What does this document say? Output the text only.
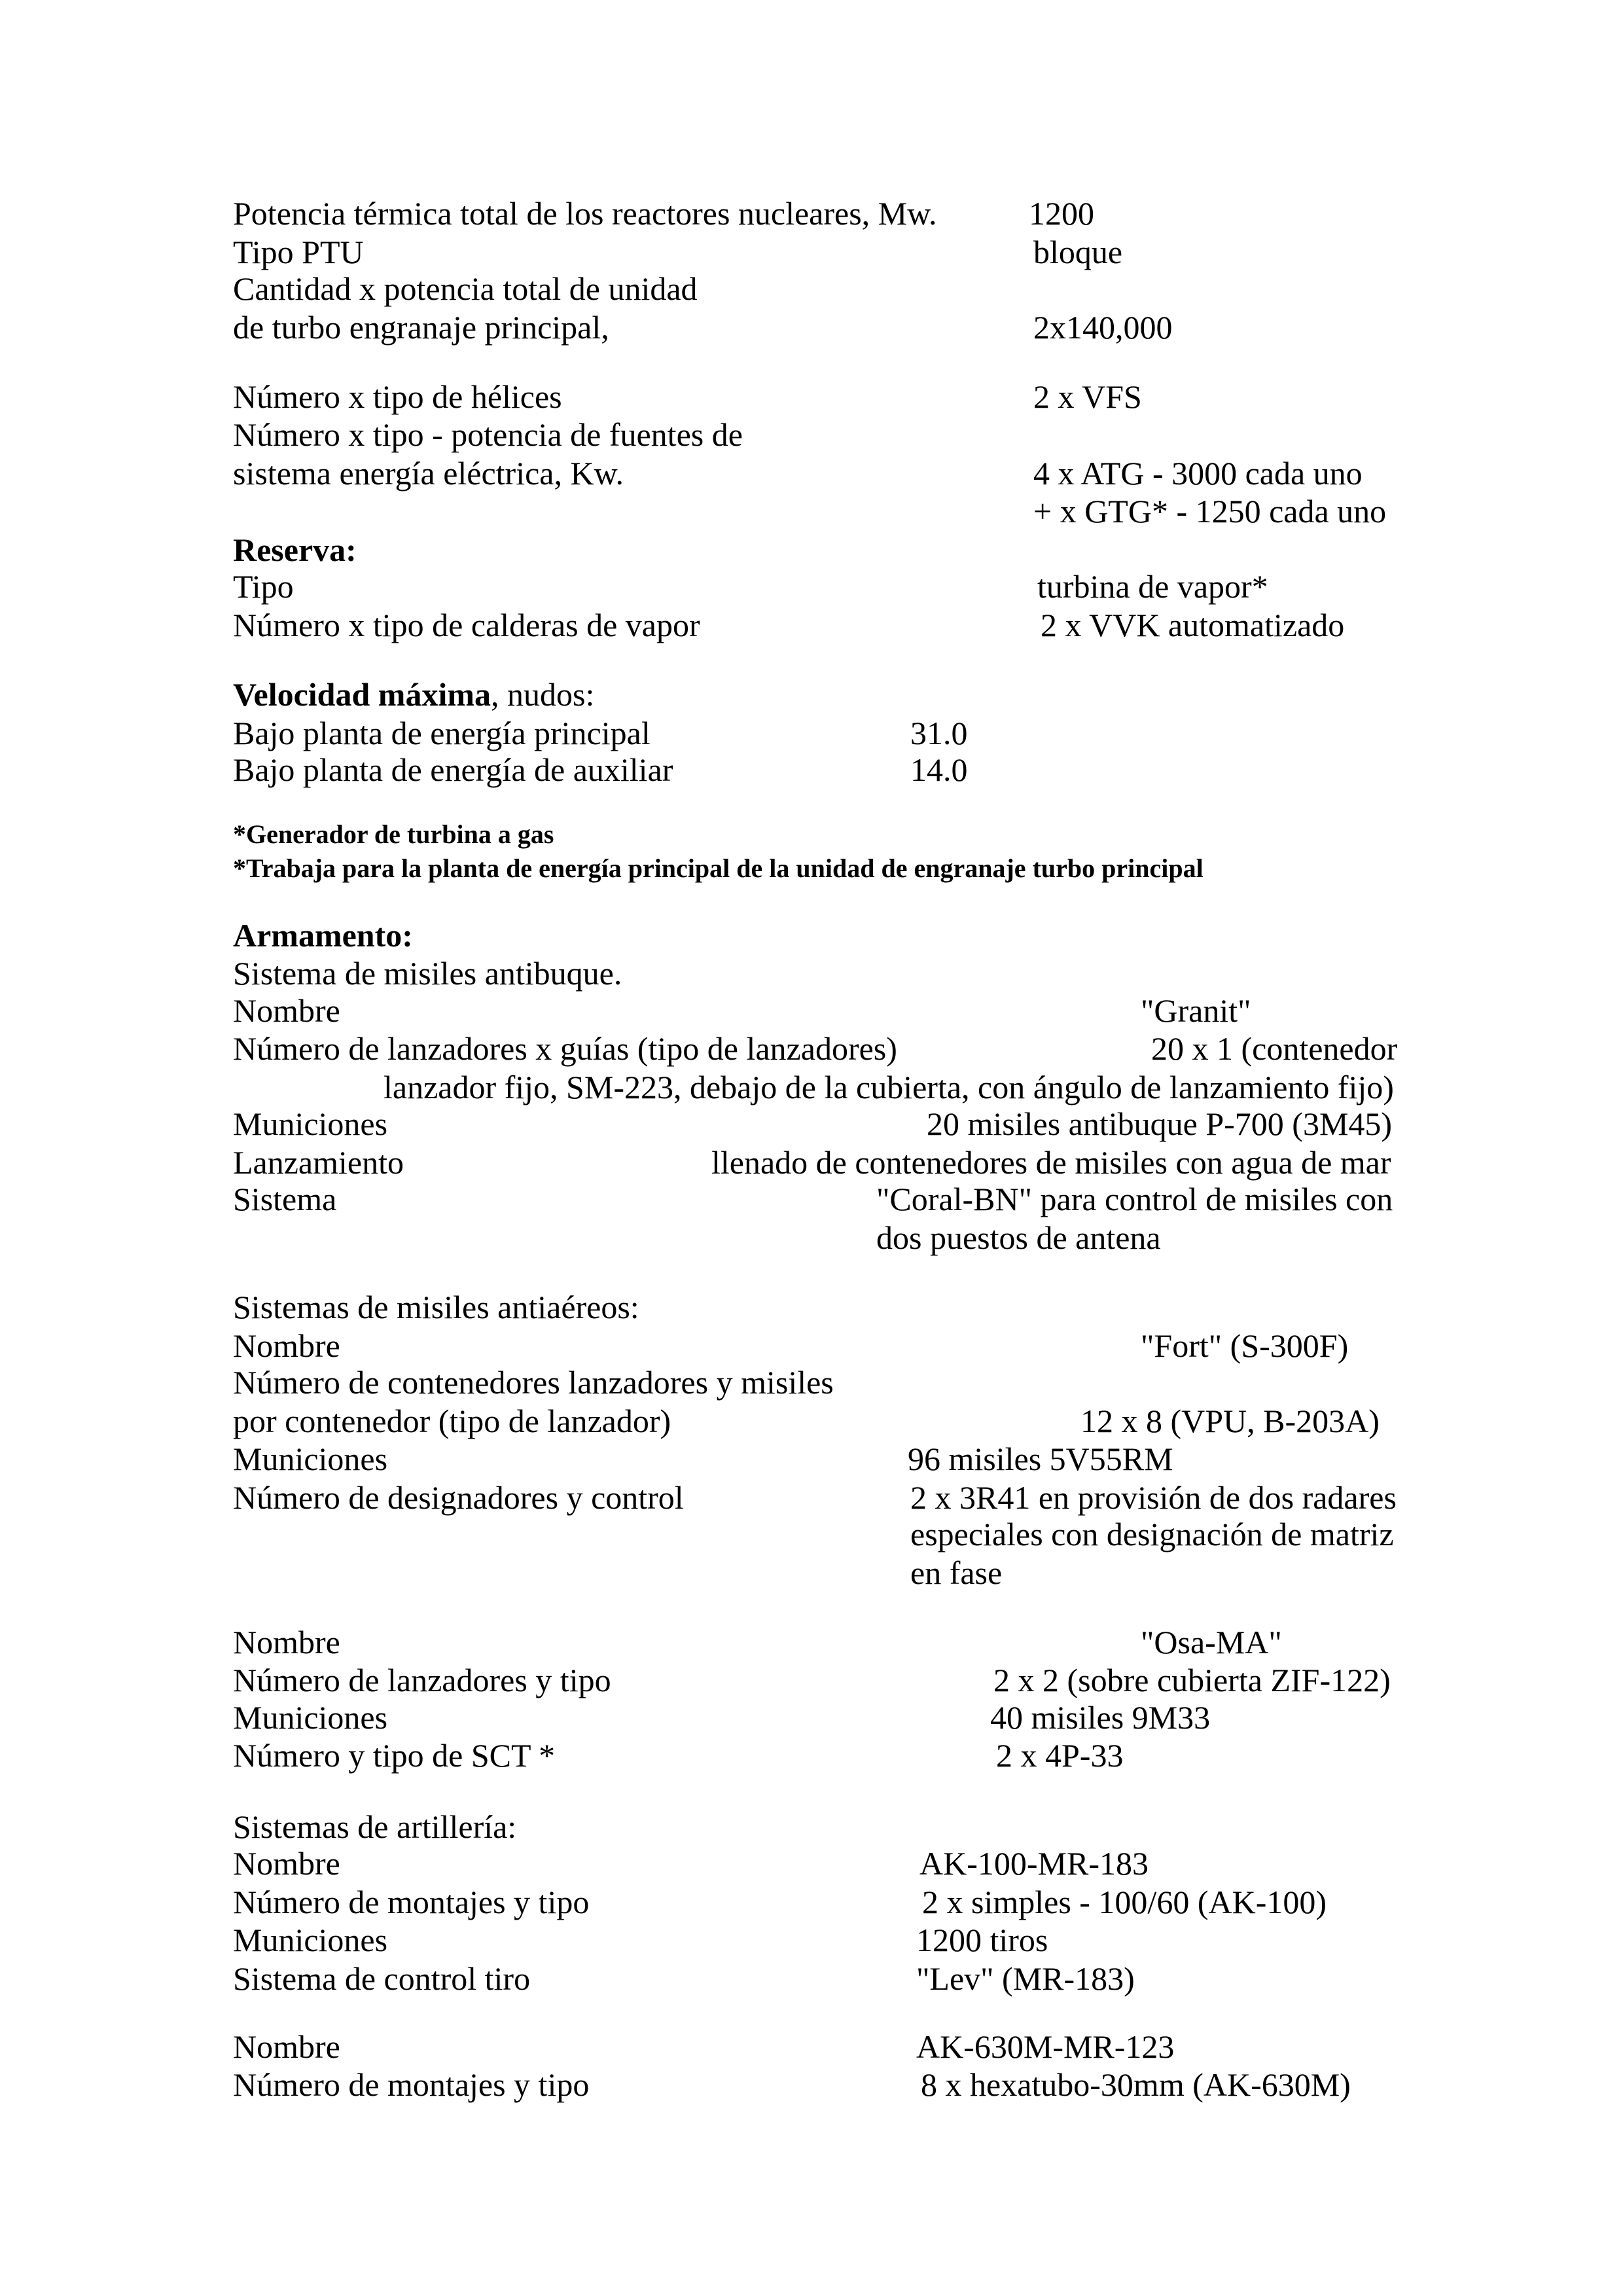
Potencia térmica total de los reactores nucleares, Mw.	1200
Tipo PTU	bloque
Cantidad x potencia total de unidad
de turbo engranaje principal,	2x140,000
Número x tipo de hélices	2 x VFS
Número x tipo - potencia de fuentes de
sistema energía eléctrica, Kw.	4 x ATG - 3000 cada uno
+ x GTG* - 1250 cada uno
Reserva:
Tipo	turbina de vapor*
Número x tipo de calderas de vapor	2 x VVK automatizado
Velocidad máxima, nudos:
Bajo planta de energía principal	31.0
Bajo planta de energía de auxiliar	14.0
*Generador de turbina a gas
*Trabaja para la planta de energía principal de la unidad de engranaje turbo principal
Armamento:
Sistema de misiles antibuque.
Nombre	"Granit"
Número de lanzadores x guías (tipo de lanzadores)	20 x 1 (contenedor
lanzador fijo, SM-223, debajo de la cubierta, con ángulo de lanzamiento fijo)
Municiones	20 misiles antibuque P-700 (3M45)
Lanzamiento	llenado de contenedores de misiles con agua de mar
Sistema	"Coral-BN" para control de misiles con
dos puestos de antena
Sistemas de misiles antiaéreos:
Nombre	"Fort" (S-300F)
Número de contenedores lanzadores y misiles
por contenedor (tipo de lanzador)	12 x 8 (VPU, B-203A)
Municiones	96 misiles 5V55RM
Número de designadores y control	2 x 3R41 en provisión de dos radares
especiales con designación de matriz
en fase
Nombre	"Osa-MA"
Número de lanzadores y tipo	2 x 2 (sobre cubierta ZIF-122)
Municiones	40 misiles 9M33
Número y tipo de SCT *	2 x 4P-33
Sistemas de artillería:
Nombre	AK-100-MR-183
Número de montajes y tipo	2 x simples - 100/60 (AK-100)
Municiones	1200 tiros
Sistema de control tiro	"Lev" (MR-183)
Nombre	AK-630M-MR-123
Número de montajes y tipo	8 x hexatubo-30mm (AK-630M)
